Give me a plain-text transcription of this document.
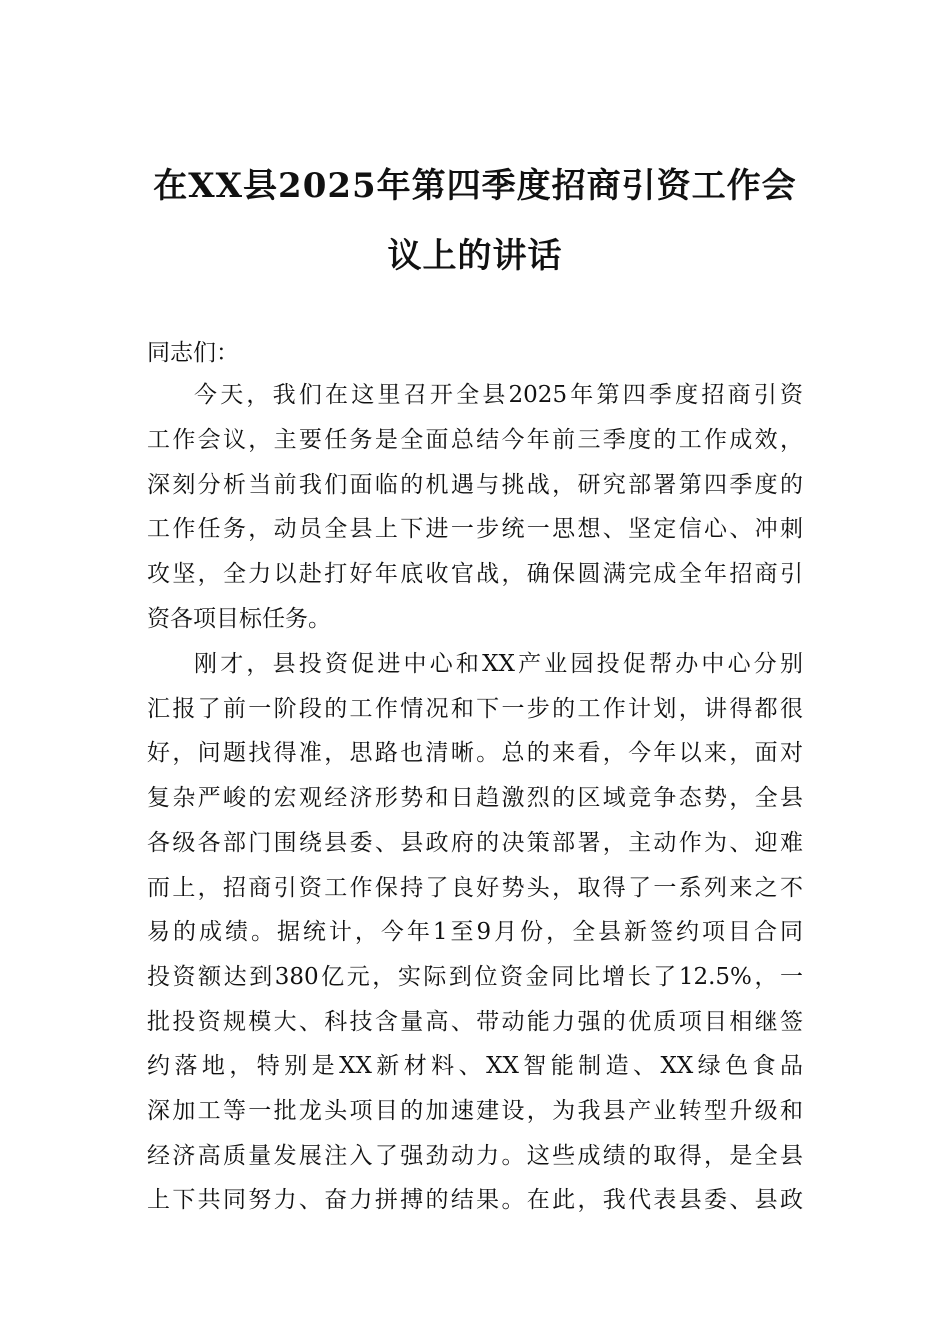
在XX县2025年第四季度招商引资工作会
议上的讲话
同志们：
今天，我们在这里召开全县2025年第四季度招商引资
工作会议，主要任务是全面总结今年前三季度的工作成效，
深刻分析当前我们面临的机遇与挑战，研究部署第四季度的
工作任务，动员全县上下进一步统一思想、坚定信心、冲刺
攻坚，全力以赴打好年底收官战，确保圆满完成全年招商引
资各项目标任务。
刚才，县投资促进中心和XX产业园投促帮办中心分别
汇报了前一阶段的工作情况和下一步的工作计划，讲得都很
好，问题找得准，思路也清晰。总的来看，今年以来，面对
复杂严峻的宏观经济形势和日趋激烈的区域竞争态势，全县
各级各部门围绕县委、县政府的决策部署，主动作为、迎难
而上，招商引资工作保持了良好势头，取得了一系列来之不
易的成绩。据统计，今年1至9月份，全县新签约项目合同
投资额达到380亿元，实际到位资金同比增长了12.5%，一
批投资规模大、科技含量高、带动能力强的优质项目相继签
约落地，特别是XX新材料、XX智能制造、XX绿色食品
深加工等一批龙头项目的加速建设，为我县产业转型升级和
经济高质量发展注入了强劲动力。这些成绩的取得，是全县
上下共同努力、奋力拼搏的结果。在此，我代表县委、县政
